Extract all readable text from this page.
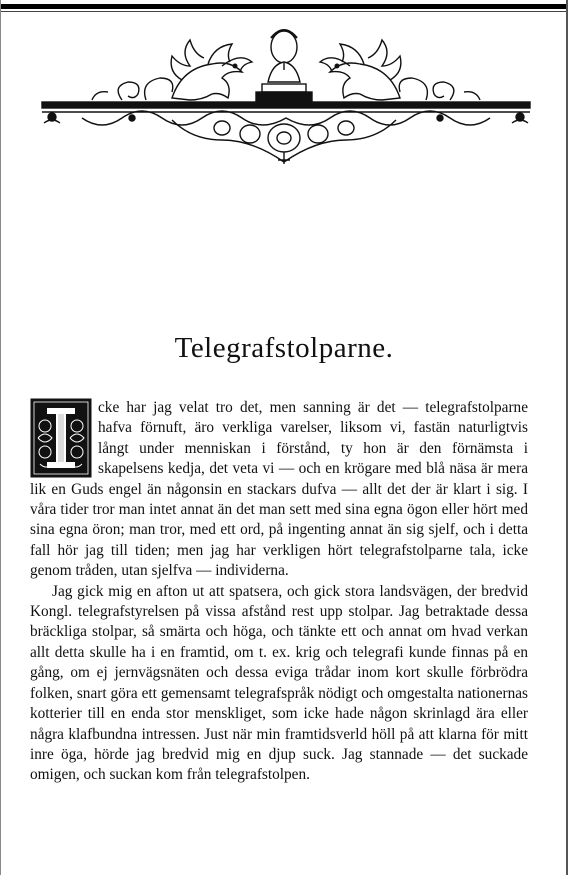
Telegrafstolparne.

cke har jag velat tro det, men sanning är det — telegrafstolparne hafva förnuft, äro verkliga varelser, liksom vi, fastän naturligtvis långt under menniskan i förstånd, ty hon är den förnämsta i skapelsens kedja, det veta vi — och en krögare med blå näsa är mera lik en Guds engel än någonsin en stackars dufva — allt det der är klart i sig. I våra tider tror man intet annat än det man sett med sina egna ögon eller hört med sina egna öron; man tror, med ett ord, på ingenting annat än sig sjelf, och i detta fall hör jag till tiden; men jag har verkligen hört telegrafstolparne tala, icke genom tråden, utan sjelfva — individerna.

Jag gick mig en afton ut att spatsera, och gick stora landsvägen, der bredvid Kongl. telegrafstyrelsen på vissa afstånd rest upp stolpar. Jag betraktade dessa bräckliga stolpar, så smärta och höga, och tänkte ett och annat om hvad verkan allt detta skulle ha i en framtid, om t. ex. krig och telegrafi kunde finnas på en gång, om ej jernvägsnäten och dessa eviga trådar inom kort skulle förbrödra folken, snart göra ett gemensamt telegrafspråk nödigt och omgestalta nationernas kotterier till en enda stor menskliget, som icke hade någon skrinlagd ära eller några klafbundna intressen. Just när min framtidsverld höll på att klarna för mitt inre öga, hörde jag bredvid mig en djup suck. Jag stannade — det suckade omigen, och suckan kom från telegrafstolpen.
